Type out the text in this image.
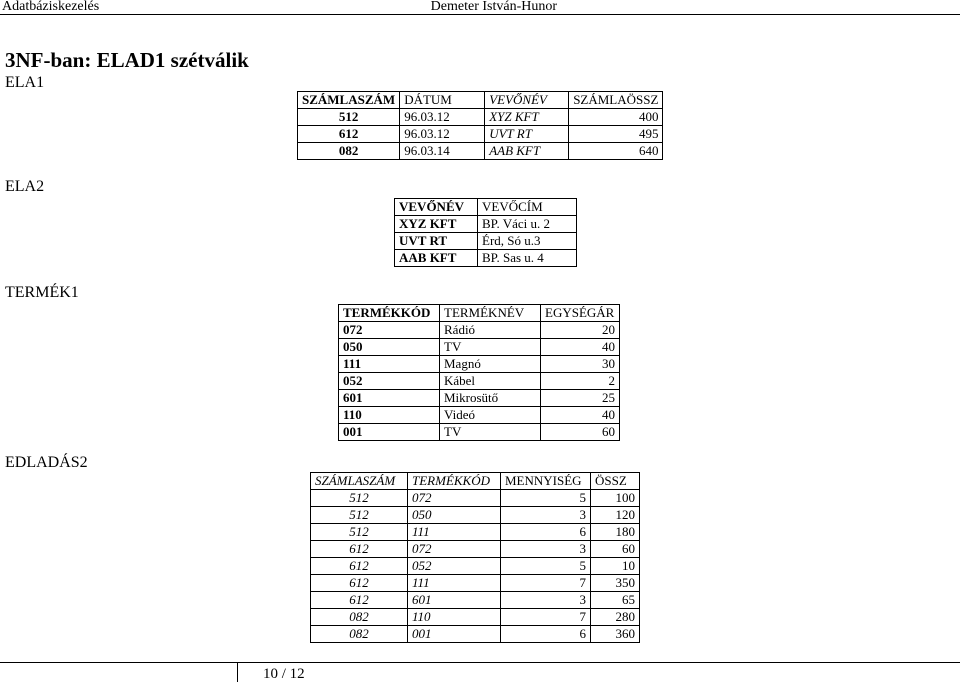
Adatbáziskezelés	Demeter István-Hunor
3NF-ban: ELAD1 szétválik
ELA1
ELA2
TERMÉK1
EDLADÁS2
SZÁMLASZÁM	DÁTUM	VEVŐNÉV	SZÁMLAÖSSZ
512	96.03.12	XYZ KFT	400
612	96.03.12	UVT RT	495
082	96.03.14	AAB KFT	640
VEVŐNÉV	VEVŐCÍM
XYZ KFT	BP. Váci u. 2
UVT RT	Érd, Só u.3
AAB KFT	BP. Sas u. 4
TERMÉKKÓD	TERMÉKNÉV	EGYSÉGÁR
072	Rádió	20
050	TV	40
111	Magnó	30
052	Kábel	2
601	Mikrosütő	25
110	Videó	40
001	TV	60
SZÁMLASZÁM	TERMÉKKÓD	MENNYISÉG	ÖSSZ
512	072	5	100
512	050	3	120
512	111	6	180
612	072	3	60
612	052	5	10
612	111	7	350
612	601	3	65
082	110	7	280
082	001	6	360
10 / 12
